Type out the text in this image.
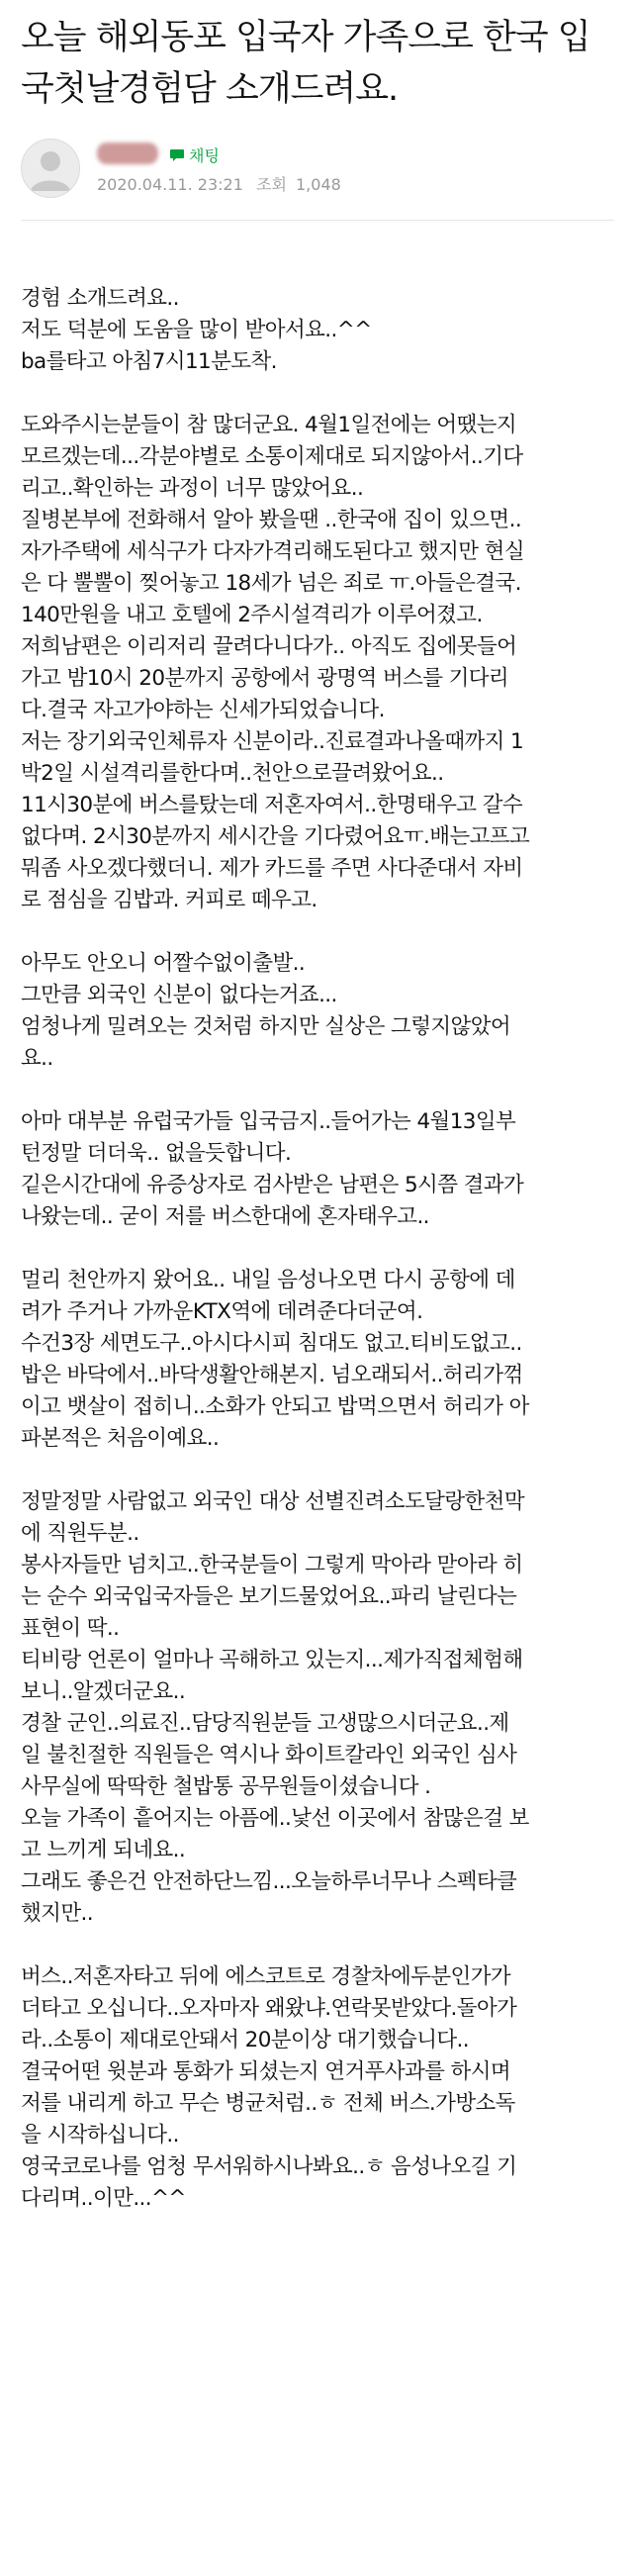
오늘 해외동포 입국자 가족으로 한국 입
국첫날경험담 소개드려요.
채팅
2020.04.11. 23:21 조회 1,048

경험 소개드려요..
저도 덕분에 도움을 많이 받아서요..^^
ba를타고 아침7시11분도착.

도와주시는분들이 참 많더군요. 4월1일전에는 어땠는지
모르겠는데...각분야별로 소통이제대로 되지않아서..기다
리고..확인하는 과정이 너무 많았어요..
질병본부에 전화해서 알아 봤을땐 ..한국애 집이 있으면..
자가주택에 세식구가 다자가격리해도된다고 했지만 현실
은 다 뿔뿔이 찢어놓고 18세가 넘은 죄로 ㅠ.아들은결국.
140만원을 내고 호텔에 2주시설격리가 이루어졌고.
저희남편은 이리저리 끌려다니다가.. 아직도 집에못들어
가고 밤10시 20분까지 공항에서 광명역 버스를 기다리
다.결국 자고가야하는 신세가되었습니다.
저는 장기외국인체류자 신분이라..진료결과나올때까지 1
박2일 시설격리를한다며..천안으로끌려왔어요..
11시30분에 버스를탔는데 저혼자여서..한명태우고 갈수
없다며. 2시30분까지 세시간을 기다렸어요ㅠ.배는고프고
뭐좀 사오겠다했더니. 제가 카드를 주면 사다준대서 자비
로 점심을 김밥과. 커피로 떼우고.

아무도 안오니 어짤수없이출발..
그만큼 외국인 신분이 없다는거죠...
엄청나게 밀려오는 것처럼 하지만 실상은 그렇지않았어
요..

아마 대부분 유럽국가들 입국금지..들어가는 4월13일부
턴정말 더더욱.. 없을듯합니다.
깉은시간대에 유증상자로 검사받은 남편은 5시쯤 결과가
나왔는데.. 굳이 저를 버스한대에 혼자태우고..

멀리 천안까지 왔어요.. 내일 음성나오면 다시 공항에 데
려가 주거나 가까운KTX역에 데려준다더군여.
수건3장 세면도구..아시다시피 침대도 없고.티비도없고..
밥은 바닥에서..바닥생활안해본지. 넘오래되서..허리가꺾
이고 뱃살이 접히니..소화가 안되고 밥먹으면서 허리가 아
파본적은 처음이예요..

정말정말 사람없고 외국인 대상 선별진려소도달랑한천막
에 직원두분..
봉사자들만 넘치고..한국분들이 그렇게 막아라 맏아라 히
는 순수 외국입국자들은 보기드물었어요..파리 날린다는
표현이 딱..
티비랑 언론이 얼마나 곡해하고 있는지...제가직접체험해
보니..알겠더군요..
경찰 군인..의료진..담당직원분들 고생많으시더군요..제
일 불친절한 직원들은 역시나 화이트칼라인 외국인 심사
사무실에 딱딱한 철밥통 공무원들이셨습니다 .
오늘 가족이 흩어지는 아픔에..낯선 이곳에서 참많은걸 보
고 느끼게 되네요..
그래도 좋은건 안전하단느낌...오늘하루너무나 스펙타클
했지만..

버스..저혼자타고 뒤에 에스코트로 경찰차에두분인가가
더타고 오십니다..오자마자 왜왔냐.연락못받았다.돌아가
라..소통이 제대로안돼서 20분이상 대기했습니다..
결국어떤 윗분과 통화가 되셨는지 연거푸사과를 하시며
저를 내리게 하고 무슨 병균처럼..ㅎ 전체 버스.가방소독
을 시작하십니다..
영국코로나를 엄청 무서워하시나봐요..ㅎ 음성나오길 기
다리며..이만...^^
